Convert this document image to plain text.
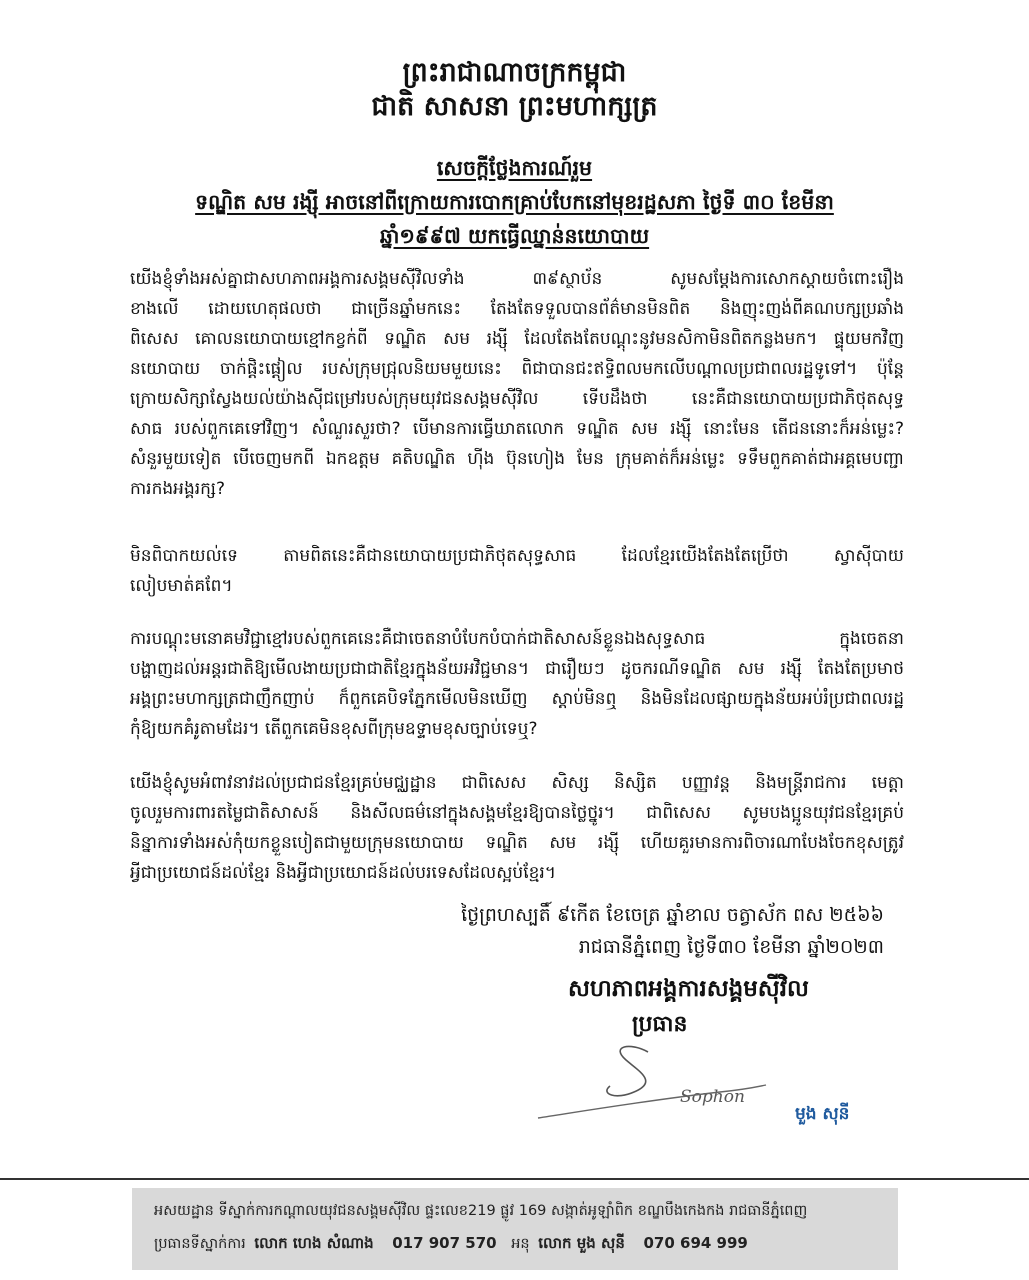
ព្រះរាជាណាចក្រកម្ពុជា
ជាតិ សាសនា ព្រះមហាក្សត្រ
សេចក្តីថ្លែងការណ៍រួម
ទណ្ឌិត សម រង្ស៊ី អាចនៅពីក្រោយការបោកគ្រាប់បែកនៅមុខរដ្ឋសភា ថ្ងៃទី ៣០ ខែមីនា
ឆ្នាំ១៩៩៧ យកធ្វើឈ្នាន់នយោបាយ
យើងខ្ញុំទាំងអស់គ្នាជាសហភាពអង្គការសង្គមស៊ីវិលទាំង ៣៩ស្ថាប័ន សូមសម្តែងការសោកស្តាយចំពោះរឿង
ខាងលើ ដោយហេតុផលថា ជាច្រើនឆ្នាំមកនេះ តែងតែទទួលបានព័ត៌មានមិនពិត និងញុះញង់ពីគណបក្សប្រឆាំង
ពិសេស គោលនយោបាយខ្មៅកខ្វក់ពី ទណ្ឌិត សម រង្ស៊ី ដែលតែងតែបណ្តុះនូវមនសិកាមិនពិតកន្លងមក។ ផ្ទុយមកវិញ
នយោបាយ ចាក់ផ្តិះផ្តៀល របស់ក្រុមជ្រុលនិយមមួយនេះ ពិជាបានជះឥទ្ធិពលមកលើបណ្តាលប្រជាពលរដ្ឋទូទៅ។ ប៉ុន្តែ
ក្រោយសិក្សាស្វែងយល់យ៉ាងស៊ីជម្រៅរបស់ក្រុមយុវជនសង្គមស៊ីវិល ទើបដឹងថា នេះគឺជានយោបាយប្រជាភិថុតសុទ្ធ
សាធ របស់ពួកគេទៅវិញ។ សំណួរសួរថា? បើមានការធ្វើឃាតលោក ទណ្ឌិត សម រង្ស៊ី នោះមែន តើជននោះក៏អន់ម្លេះ?
សំនួរមួយទៀត បើចេញមកពី ឯកឧត្តម គតិបណ្ឌិត ហ៊ីង ប៊ុនហៀង មែន ក្រុមគាត់ក៏អន់ម្លេះ ទទឹមពួកគាត់ជាអគ្គមេបញ្ជា
ការកងអង្គរក្ស?
មិនពិបាកយល់ទេ តាមពិតនេះគឺជានយោបាយប្រជាភិថុតសុទ្ធសាធ ដែលខ្មែរយើងតែងតែប្រើថា ស្វាស៊ីបាយ
លៀបមាត់គពែ។
ការបណ្តុះមនោគមវិជ្ជាខ្មៅរបស់ពួកគេនេះគឺជាចេតនាបំបែកបំបាក់ជាតិសាសន៍ខ្លួនឯងសុទ្ធសាធ ក្នុងចេតនា
បង្ហាញដល់អន្តរជាតិឱ្យមើលងាយប្រជាជាតិខ្មែរក្នុងន័យអវិជ្ជមាន។ ជារឿយៗ ដូចករណីទណ្ឌិត សម រង្ស៊ី តែងតែប្រមាថ
អង្គព្រះមហាក្សត្រជាញឹកញាប់ ក៏ពួកគេបិទភ្នែកមើលមិនឃើញ ស្តាប់មិនឮ និងមិនដែលផ្សាយក្នុងន័យអប់រំប្រជាពលរដ្ឋ
កុំឱ្យយកគំរូតាមដែរ។ តើពួកគេមិនខុសពីក្រុមឧទ្ទាមខុសច្បាប់ទេឬ?
យើងខ្ញុំសូមអំពាវនាវដល់ប្រជាជនខ្មែរគ្រប់មជ្ឈដ្ឋាន ជាពិសេស សិស្ស និស្សិត បញ្ញាវន្ត និងមន្ត្រីរាជការ មេត្តា
ចូលរួមការពារតម្លៃជាតិសាសន៍ និងសីលធម៌នៅក្នុងសង្គមខ្មែរឱ្យបានថ្លៃថ្នូរ។ ជាពិសេស សូមបងប្អូនយុវជនខ្មែរគ្រប់
និន្នាការទាំងអស់កុំយកខ្លួនបៀតជាមួយក្រុមនយោបាយ ទណ្ឌិត សម រង្ស៊ី ហើយគួរមានការពិចារណាបែងចែកខុសត្រូវ
អ្វីជាប្រយោជន៍ដល់ខ្មែរ និងអ្វីជាប្រយោជន៍ដល់បរទេសដែលស្អប់ខ្មែរ។
ថ្ងៃព្រហស្បតិ៍ ៩កើត ខែចេត្រ ឆ្នាំខាល ចត្វាស័ក ពស ២៥៦៦
រាជធានីភ្នំពេញ ថ្ងៃទី៣០ ខែមីនា ឆ្នាំ២០២៣
សហភាពអង្គការសង្គមស៊ីវិល
ប្រធាន
Sophon
មួង សុនី
អសយដ្ឋាន ទីស្នាក់ការកណ្តាលយុវជនសង្គមស៊ីវិល ផ្ទះលេខ219 ផ្លូវ 169 សង្កាត់អូឡាំពិក ខណ្ឌបឹងកេងកង រាជធានីភ្នំពេញ
ប្រធានទីស្នាក់ការ លោក ហេង សំណាង 017 907 570 អនុ លោក មួង សុនី 070 694 999
